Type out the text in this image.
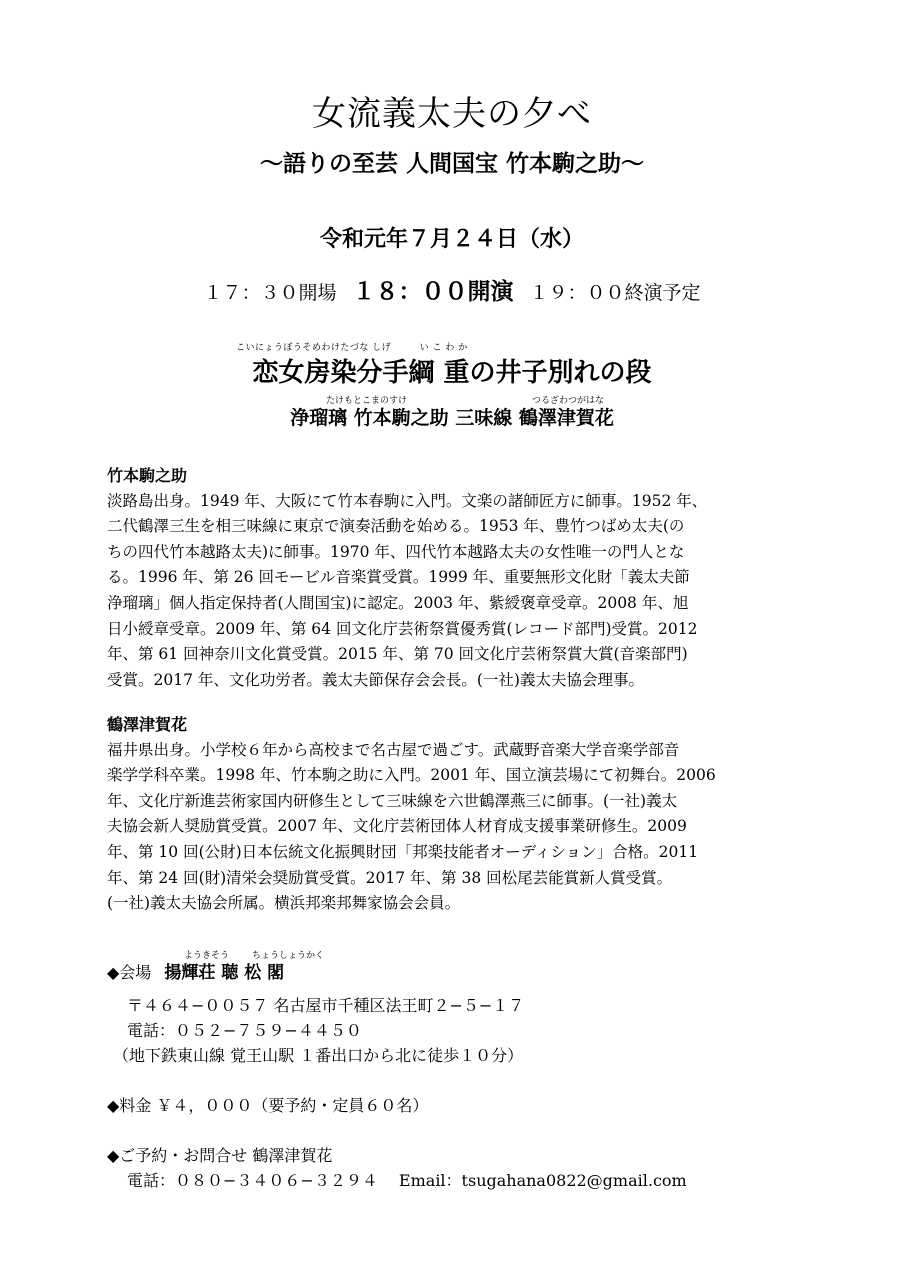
女流義太夫の夕べ
〜語りの至芸 人間国宝 竹本駒之助〜
令和元年７月２４日（水）
１７：３０開場 １８：００開演 １９：００終演予定
こいにょうぼうそめわけたづな しげ　　　い こ わ か
恋女房染分手綱 重の井子別れの段
たけもとこまのすけ	つるざわつがはな
浄瑠璃 竹本駒之助 三味線 鶴澤津賀花
竹本駒之助

淡路島出身。1949 年、大阪にて竹本春駒に入門。文楽の諸師匠方に師事。1952 年、
二代鶴澤三生を相三味線に東京で演奏活動を始める。1953 年、豊竹つばめ太夫(の
ちの四代竹本越路太夫)に師事。1970 年、四代竹本越路太夫の女性唯一の門人とな
る。1996 年、第 26 回モービル音楽賞受賞。1999 年、重要無形文化財「義太夫節
浄瑠璃」個人指定保持者(人間国宝)に認定。2003 年、紫綬褒章受章。2008 年、旭
日小綬章受章。2009 年、第 64 回文化庁芸術祭賞優秀賞(レコード部門)受賞。2012
年、第 61 回神奈川文化賞受賞。2015 年、第 70 回文化庁芸術祭賞大賞(音楽部門)
受賞。2017 年、文化功労者。義太夫節保存会会長。(一社)義太夫協会理事。

鶴澤津賀花

福井県出身。小学校６年から高校まで名古屋で過ごす。武蔵野音楽大学音楽学部音
楽学学科卒業。1998 年、竹本駒之助に入門。2001 年、国立演芸場にて初舞台。2006
年、文化庁新進芸術家国内研修生として三味線を六世鶴澤燕三に師事。(一社)義太
夫協会新人奨励賞受賞。2007 年、文化庁芸術団体人材育成支援事業研修生。2009
年、第 10 回(公財)日本伝統文化振興財団「邦楽技能者オーディション」合格。2011
年、第 24 回(財)清栄会奨励賞受賞。2017 年、第 38 回松尾芸能賞新人賞受賞。
(一社)義太夫協会所属。横浜邦楽邦舞家協会会員。

ようきそう	ちょうしょうかく
◆会場 揚輝荘 聴 松 閣
〒４６４−００５７ 名古屋市千種区法王町２−５−１７
電話：０５２−７５９−４４５０
（地下鉄東山線 覚王山駅 １番出口から北に徒歩１０分）
◆料金 ￥４，０００（要予約・定員６０名）
◆ご予約・お問合せ 鶴澤津賀花
電話：０８０−３４０６−３２９４ Email：tsugahana0822@gmail.com
